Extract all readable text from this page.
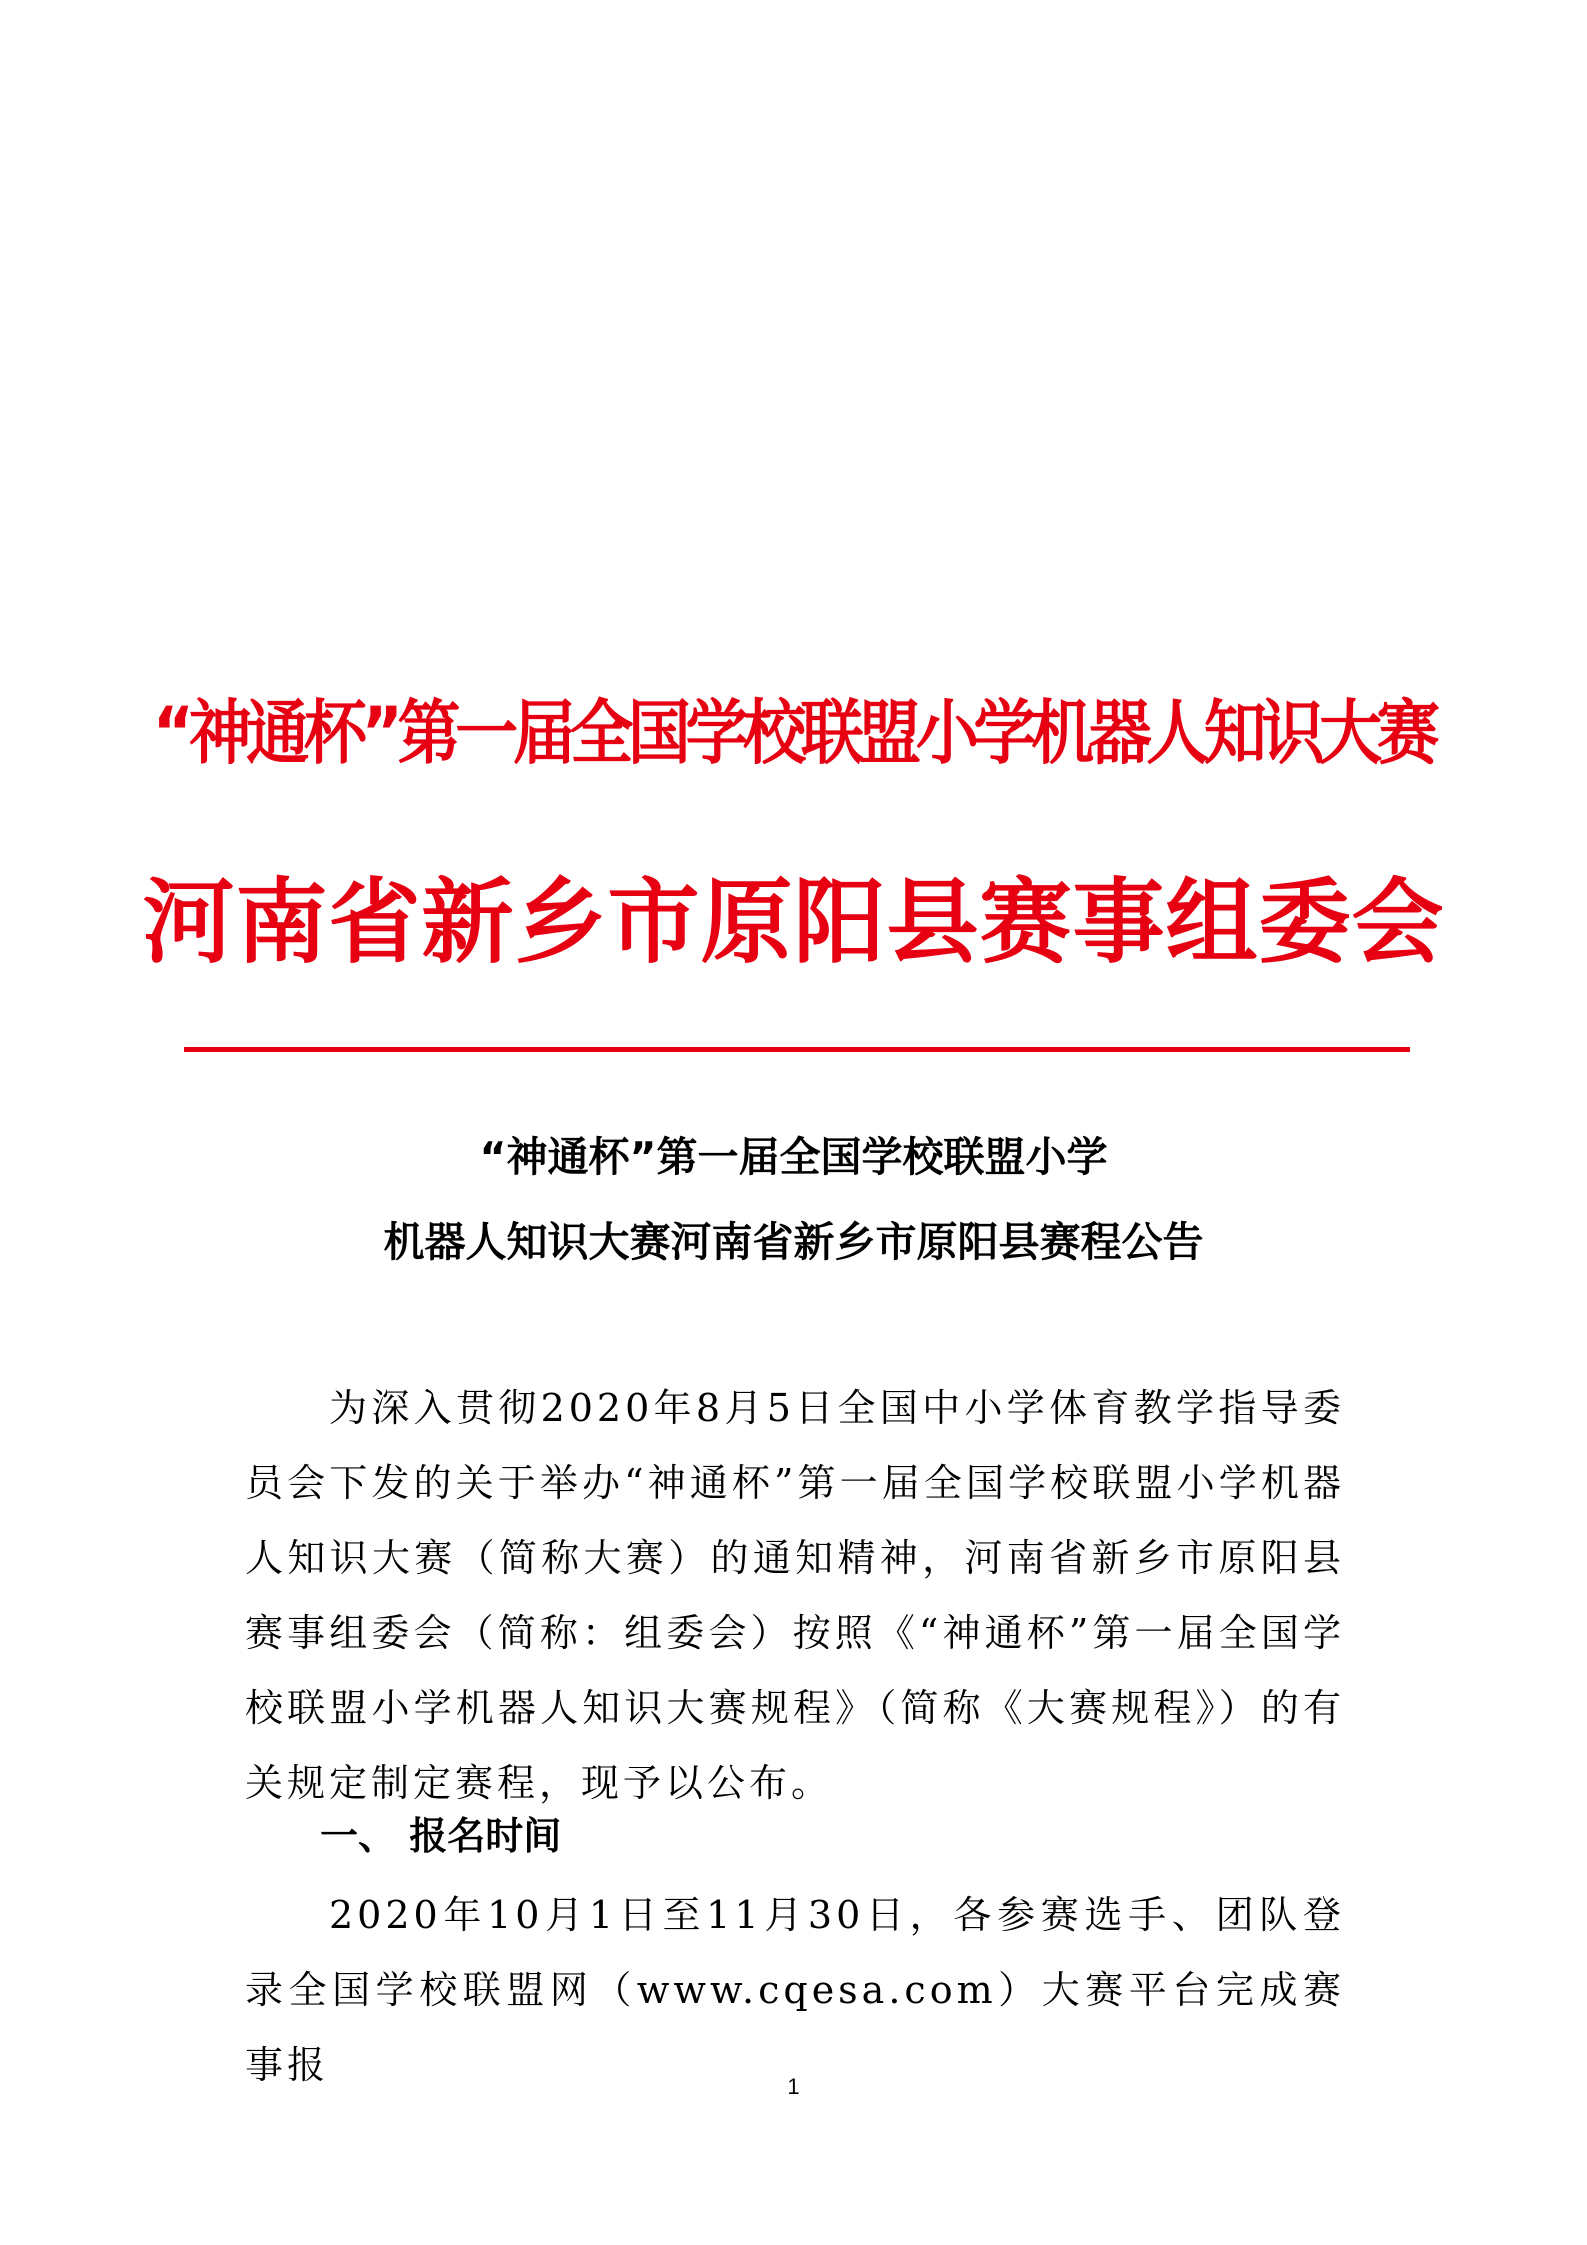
“神通杯”第一届全国学校联盟小学机器人知识大赛
河南省新乡市原阳县赛事组委会
“神通杯”第一届全国学校联盟小学
机器人知识大赛河南省新乡市原阳县赛程公告

为深入贯彻2020年8月5日全国中小学体育教学指导委员会下发的关于举办“神通杯”第一届全国学校联盟小学机器人知识大赛（简称大赛）的通知精神，河南省新乡市原阳县赛事组委会（简称：组委会）按照《“神通杯”第一届全国学校联盟小学机器人知识大赛规程》（简称《大赛规程》）的有关规定制定赛程，现予以公布。

一、 报名时间

2020年10月1日至11月30日，各参赛选手、团队登录全国学校联盟网（www.cqesa.com）大赛平台完成赛事报	1
